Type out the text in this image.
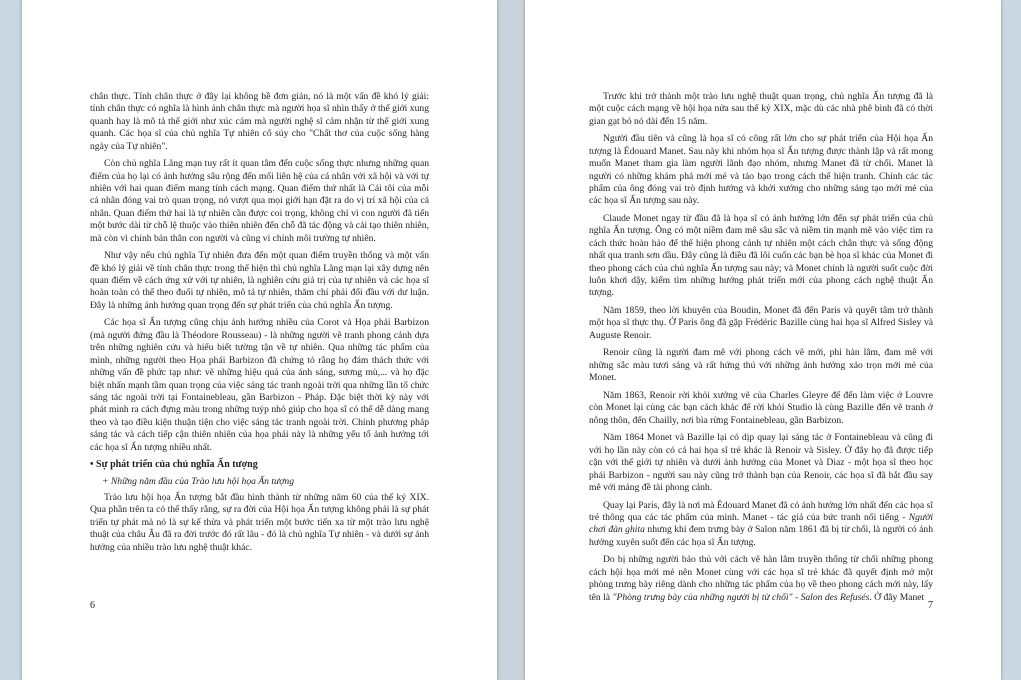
chân thực. Tính chân thực ở đây lại không hề đơn giản, nó là một vấn đề khó lý giải: tính chân thực có nghĩa là hình ảnh chân thực mà người họa sĩ nhìn thấy ở thế giới xung quanh hay là mô tả thế giới như xúc cảm mà người nghệ sĩ cảm nhận từ thế giới xung quanh. Các họa sĩ của chủ nghĩa Tự nhiên cổ súy cho "Chất thơ của cuộc sống hàng ngày của Tự nhiên".

Còn chủ nghĩa Lãng mạn tuy rất ít quan tâm đến cuộc sống thực nhưng những quan điểm của họ lại có ảnh hưởng sâu rộng đến mối liên hệ của cá nhân với xã hội và với tự nhiên với hai quan điểm mang tính cách mạng. Quan điểm thứ nhất là Cái tôi của mỗi cá nhân đóng vai trò quan trọng, nó vượt qua mọi giới hạn đặt ra do vị trí xã hội của cá nhân. Quan điểm thứ hai là tự nhiên cần được coi trọng, không chỉ vì con người đã tiến một bước dài từ chỗ lệ thuộc vào thiên nhiên đến chỗ đã tác động và cải tạo thiên nhiên, mà còn vì chính bản thân con người và cũng vì chính môi trường tự nhiên.

Như vậy nếu chủ nghĩa Tự nhiên đưa đến một quan điểm truyền thống và một vấn đề khó lý giải về tính chân thực trong thể hiện thì chủ nghĩa Lãng mạn lại xây dựng nên quan điểm về cách ứng xử với tự nhiên, là nghiên cứu giá trị của tự nhiên và các họa sĩ hoàn toàn có thể theo đuổi tự nhiên, mô tả tự nhiên, thăm chí phải đối đầu với dư luận. Đây là những ảnh hưởng quan trọng đến sự phát triển của chủ nghĩa Ấn tượng.

Các họa sĩ Ấn tượng cũng chịu ảnh hưởng nhiều của Corot và Họa phái Barbizon (mà người đứng đầu là Théodore Rousseau) - là những người vẽ tranh phong cảnh dựa trên những nghiên cứu và hiểu biết tường tận về tự nhiên. Qua những tác phẩm của mình, những người theo Họa phái Barbizon đã chứng tỏ rằng họ đám thách thức với những vấn đề phức tạp như: vẽ những hiệu quả của ánh sáng, sương mù,... và họ đặc biệt nhấn mạnh tầm quan trọng của việc sáng tác tranh ngoài trời qua những lần tổ chức sáng tác ngoài trời tại Fontainebleau, gần Barbizon - Pháp. Đặc biệt thời kỳ này với phát minh ra cách đựng màu trong những tuýp nhỏ giúp cho họa sĩ có thể dễ dàng mang theo và tạo điều kiện thuận tiện cho việc sáng tác tranh ngoài trời. Chính phương pháp sáng tác và cách tiếp cận thiên nhiên của họa phái này là những yếu tố ảnh hưởng tới các họa sĩ Ấn tượng nhiều nhất.

• Sự phát triển của chủ nghĩa Ấn tượng
+ Những năm đầu của Trào lưu hội họa Ấn tượng

Trào lưu hội họa Ấn tượng bắt đầu hình thành từ những năm 60 của thế kỷ XIX. Qua phần trên ta có thể thấy rằng, sự ra đời của Hội họa Ấn tượng không phải là sự phát triển tự phát mà nó là sự kế thừa và phát triển một bước tiến xa từ một trào lưu nghệ thuật của châu Âu đã ra đời trước đó rất lâu - đó là chủ nghĩa Tự nhiên - và dưới sự ảnh hưởng của nhiều trào lưu nghệ thuật khác.

6

Trước khi trở thành một trào lưu nghệ thuật quan trọng, chủ nghĩa Ấn tượng đã là một cuộc cách mạng về hội họa nửa sau thế kỷ XIX, mặc dù các nhà phê bình đã có thời gian gạt bỏ nó dài đến 15 năm.

Người đầu tiên và cũng là họa sĩ có công rất lớn cho sự phát triển của Hội họa Ấn tượng là Édouard Manet. Sau này khi nhóm họa sĩ Ấn tượng được thành lập và rất mong muốn Manet tham gia làm người lãnh đạo nhóm, nhưng Manet đã từ chối. Manet là người có những khám phá mới mẻ và táo bạo trong cách thể hiện tranh. Chính các tác phẩm của ông đóng vai trò định hướng và khởi xướng cho những sáng tạo mới mẻ của các họa sĩ Ấn tượng sau này.

Claude Monet ngay từ đầu đã là họa sĩ có ảnh hưởng lớn đến sự phát triển của chủ nghĩa Ấn tượng. Ông có một niềm đam mê sâu sắc và niềm tin mạnh mẽ vào việc tìm ra cách thức hoàn hảo để thể hiện phong cảnh tự nhiên một cách chân thực và sống động nhất qua tranh sơn dầu. Đây cũng là điều đã lôi cuốn các bạn bè họa sĩ khác của Monet đi theo phong cách của chủ nghĩa Ấn tượng sau này; và Monet chính là người suốt cuộc đời luôn khơi dậy, kiếm tìm những hướng phát triển mới của phong cách nghệ thuật Ấn tượng.

Năm 1859, theo lời khuyên của Boudin, Monet đã đến Paris và quyết tâm trở thành một họa sĩ thực thụ. Ở Paris ông đã gặp Frédéric Bazille cùng hai họa sĩ Alfred Sisley và Auguste Renoir.

Renoir cũng là người đam mê với phong cách vẽ mới, phi hàn lâm, đam mê với những sắc màu tươi sáng và rất hứng thú với những ảnh hưởng xảo trọn mới mẻ của Monet.

Năm 1863, Renoir rời khỏi xưởng vẽ của Charles Gleyre để đến làm việc ở Louvre còn Monet lại cùng các bạn cách khác để rời khỏi Studio là cùng Bazille đến vẽ tranh ở nông thôn, đến Chailly, nơi bìa rừng Fontainebleau, gần Barbizon.

Năm 1864 Monet và Bazille lại có dịp quay lại sáng tác ở Fontainebleau và cũng đi với họ lần này còn có cả hai họa sĩ trẻ khác là Renoir và Sisley. Ở đây họ đã được tiếp cận với thế giới tự nhiên và dưới ảnh hưởng của Monet và Diaz - một họa sĩ theo học phái Barbizon - người sau này cũng trở thành bạn của Renoir, các họa sĩ đã bắt đầu say mê với mảng đề tài phong cảnh.

Quay lại Paris, đây là nơi mà Édouard Manet đã có ảnh hưởng lớn nhất đến các họa sĩ trẻ thông qua các tác phẩm của mình. Manet - tác giả của bức tranh nổi tiếng - Người chơi đàn ghita nhưng khi đem trưng bày ở Salon năm 1861 đã bị từ chối, là người có ảnh hưởng xuyên suốt đến các họa sĩ Ấn tượng.

Do bị những người bảo thủ với cách vẽ hàn lâm truyền thống từ chối những phong cách hội họa mới mẻ nên Monet cùng với các họa sĩ trẻ khác đã quyết định mở một phòng trưng bày riêng dành cho những tác phẩm của họ về theo phong cách mới này, lấy tên là "Phòng trưng bày của những người bị từ chối" - Salon des Refusés. Ở đây Manet

7
